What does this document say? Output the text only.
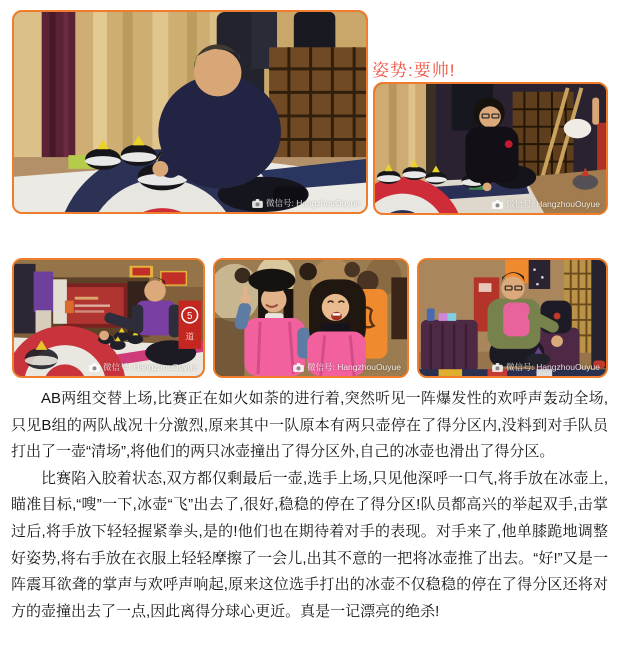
微信号: HangzhouOuyue
姿势:要帅!
微信号: HangzhouOuyue
5
道
微信号: HangzhouOuyue	微信号: HangzhouOuyue	微信号: HangzhouOuyue

AB两组交替上场,比赛正在如火如荼的进行着,突然听见一阵爆发性的欢呼声轰动全场,只见B组的两队战况十分激烈,原来其中一队原本有两只壶停在了得分区内,没料到对手队员打出了一壶“清场”,将他们的两只冰壶撞出了得分区外,自己的冰壶也滑出了得分区。

比赛陷入胶着状态,双方都仅剩最后一壶,选手上场,只见他深呼一口气,将手放在冰壶上,瞄准目标,“嗖”一下,冰壶“飞”出去了,很好,稳稳的停在了得分区!队员都高兴的举起双手,击掌过后,将手放下轻轻握紧拳头,是的!他们也在期待着对手的表现。对手来了,他单膝跪地调整好姿势,将右手放在衣服上轻轻摩擦了一会儿,出其不意的一把将冰壶推了出去。“好!”又是一阵震耳欲聋的掌声与欢呼声响起,原来这位选手打出的冰壶不仅稳稳的停在了得分区还将对方的壶撞出去了一点,因此离得分球心更近。真是一记漂亮的绝杀!
